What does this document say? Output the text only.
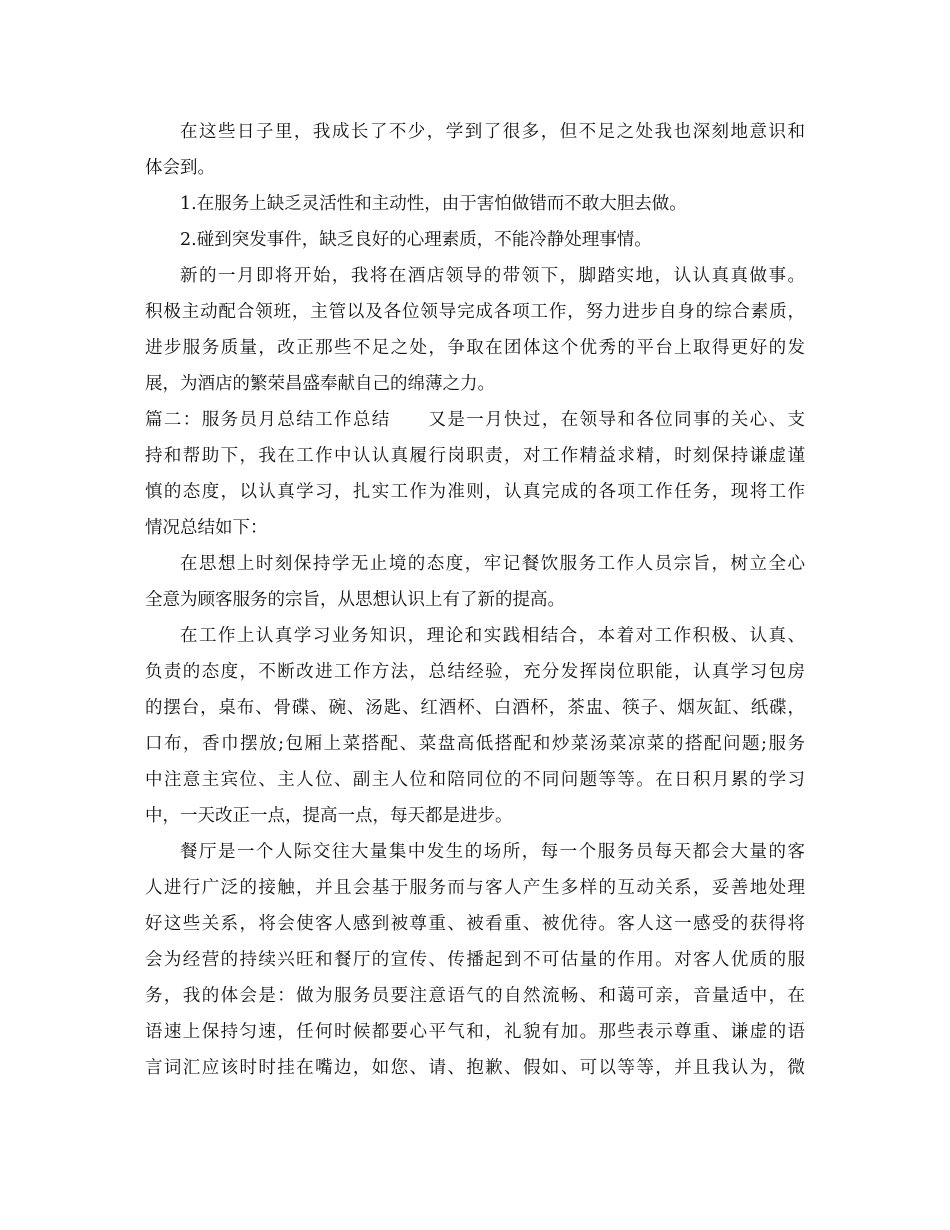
在这些日子里，我成长了不少，学到了很多，但不足之处我也深刻地意识和
体会到。
1.在服务上缺乏灵活性和主动性，由于害怕做错而不敢大胆去做。
2.碰到突发事件，缺乏良好的心理素质，不能冷静处理事情。
新的一月即将开始，我将在酒店领导的带领下，脚踏实地，认认真真做事。
积极主动配合领班，主管以及各位领导完成各项工作，努力进步自身的综合素质，
进步服务质量，改正那些不足之处，争取在团体这个优秀的平台上取得更好的发
展，为酒店的繁荣昌盛奉献自己的绵薄之力。
篇二：服务员月总结工作总结　　又是一月快过，在领导和各位同事的关心、支
持和帮助下，我在工作中认认真履行岗职责，对工作精益求精，时刻保持谦虚谨
慎的态度，以认真学习，扎实工作为准则，认真完成的各项工作任务，现将工作
情况总结如下：
在思想上时刻保持学无止境的态度，牢记餐饮服务工作人员宗旨，树立全心
全意为顾客服务的宗旨，从思想认识上有了新的提高。
在工作上认真学习业务知识，理论和实践相结合，本着对工作积极、认真、
负责的态度，不断改进工作方法，总结经验，充分发挥岗位职能，认真学习包房
的摆台，桌布、骨碟、碗、汤匙、红酒杯、白酒杯，茶盅、筷子、烟灰缸、纸碟，
口布，香巾摆放;包厢上菜搭配、菜盘高低搭配和炒菜汤菜凉菜的搭配问题;服务
中注意主宾位、主人位、副主人位和陪同位的不同问题等等。在日积月累的学习
中，一天改正一点，提高一点，每天都是进步。
餐厅是一个人际交往大量集中发生的场所，每一个服务员每天都会大量的客
人进行广泛的接触，并且会基于服务而与客人产生多样的互动关系，妥善地处理
好这些关系，将会使客人感到被尊重、被看重、被优待。客人这一感受的获得将
会为经营的持续兴旺和餐厅的宣传、传播起到不可估量的作用。对客人优质的服
务，我的体会是：做为服务员要注意语气的自然流畅、和蔼可亲，音量适中，在
语速上保持匀速，任何时候都要心平气和，礼貌有加。那些表示尊重、谦虚的语
言词汇应该时时挂在嘴边，如您、请、抱歉、假如、可以等等，并且我认为，微
